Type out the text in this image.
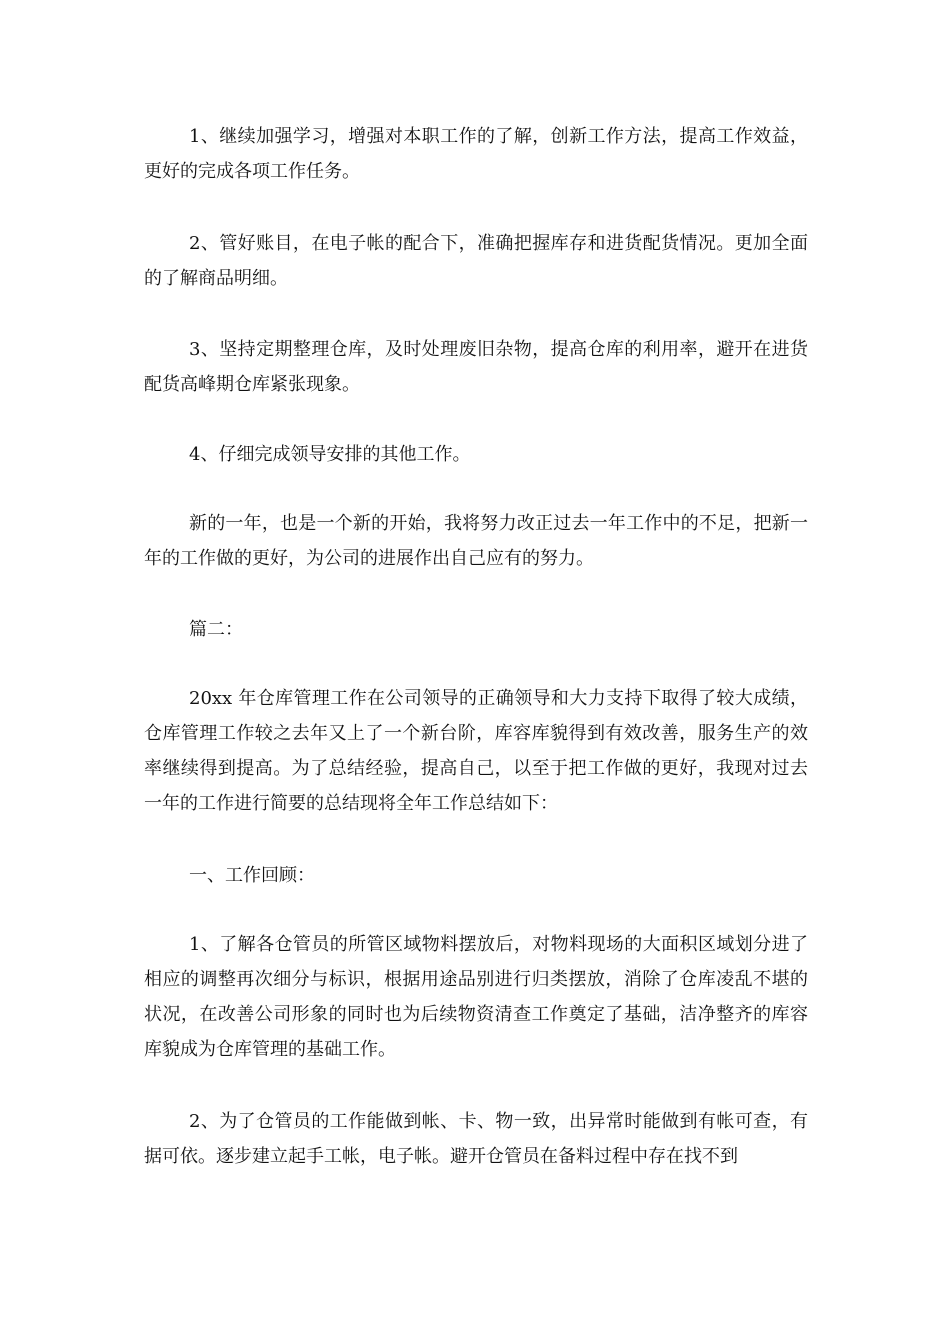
1、继续加强学习，增强对本职工作的了解，创新工作方法，提高工作效益，更好的完成各项工作任务。

2、管好账目，在电子帐的配合下，准确把握库存和进货配货情况。更加全面的了解商品明细。

3、坚持定期整理仓库，及时处理废旧杂物，提高仓库的利用率，避开在进货配货高峰期仓库紧张现象。

4、仔细完成领导安排的其他工作。

新的一年，也是一个新的开始，我将努力改正过去一年工作中的不足，把新一年的工作做的更好，为公司的进展作出自己应有的努力。

篇二：

20xx 年仓库管理工作在公司领导的正确领导和大力支持下取得了较大成绩，仓库管理工作较之去年又上了一个新台阶，库容库貌得到有效改善，服务生产的效率继续得到提高。为了总结经验，提高自己，以至于把工作做的更好，我现对过去一年的工作进行简要的总结现将全年工作总结如下：

一、工作回顾：

1、了解各仓管员的所管区域物料摆放后，对物料现场的大面积区域划分进了相应的调整再次细分与标识，根据用途品别进行归类摆放，消除了仓库凌乱不堪的状况，在改善公司形象的同时也为后续物资清查工作奠定了基础，洁净整齐的库容库貌成为仓库管理的基础工作。

2、为了仓管员的工作能做到帐、卡、物一致，出异常时能做到有帐可查，有据可依。逐步建立起手工帐，电子帐。避开仓管员在备料过程中存在找不到
